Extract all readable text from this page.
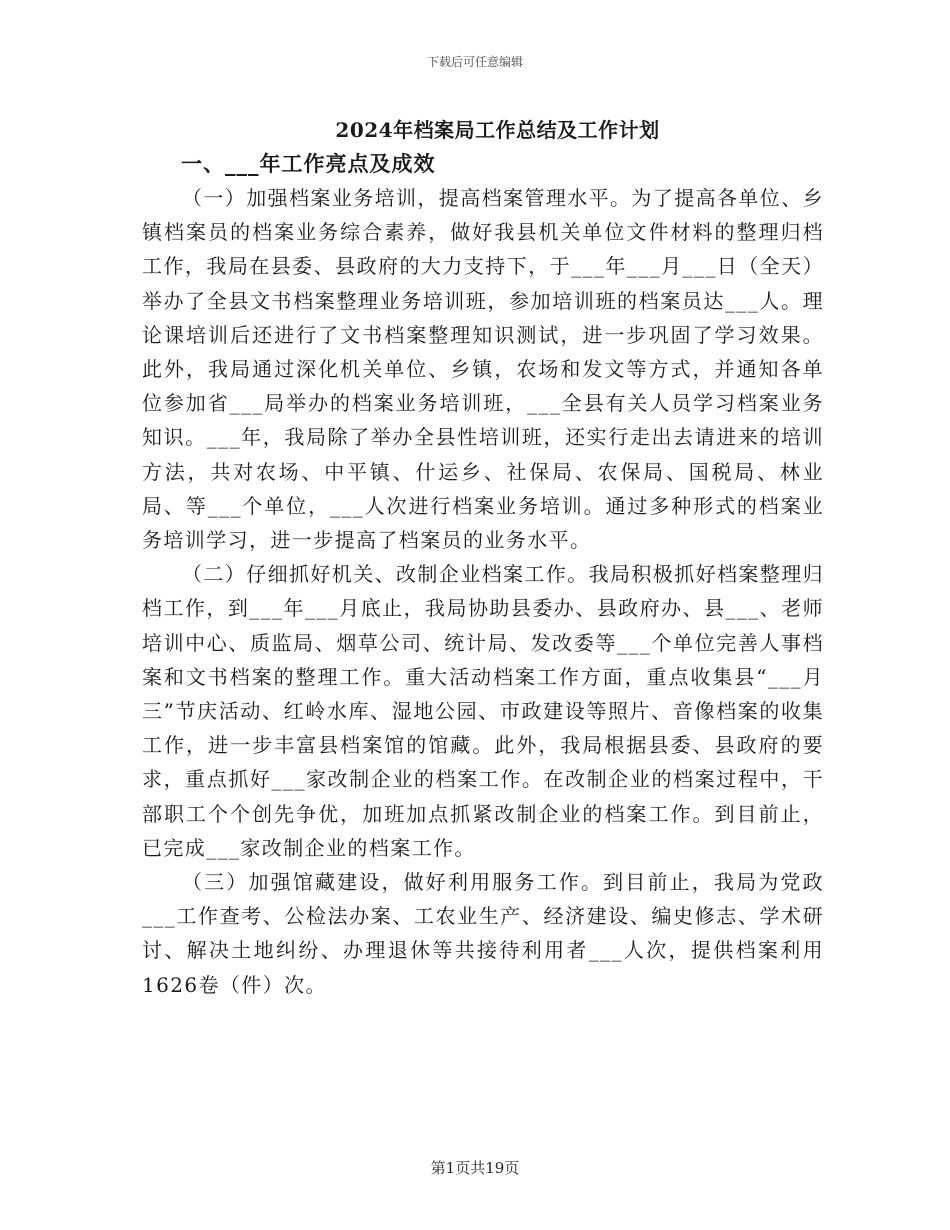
下载后可任意编辑
2024年档案局工作总结及工作计划
一、___年工作亮点及成效

（一）加强档案业务培训，提高档案管理水平。为了提高各单位、乡镇档案员的档案业务综合素养，做好我县机关单位文件材料的整理归档工作，我局在县委、县政府的大力支持下，于___年___月___日（全天）举办了全县文书档案整理业务培训班，参加培训班的档案员达___人。理论课培训后还进行了文书档案整理知识测试，进一步巩固了学习效果。此外，我局通过深化机关单位、乡镇，农场和发文等方式，并通知各单位参加省___局举办的档案业务培训班，___全县有关人员学习档案业务知识。___年，我局除了举办全县性培训班，还实行走出去请进来的培训方法，共对农场、中平镇、什运乡、社保局、农保局、国税局、林业局、等___个单位，___人次进行档案业务培训。通过多种形式的档案业务培训学习，进一步提高了档案员的业务水平。

（二）仔细抓好机关、改制企业档案工作。我局积极抓好档案整理归档工作，到___年___月底止，我局协助县委办、县政府办、县___、老师培训中心、质监局、烟草公司、统计局、发改委等___个单位完善人事档案和文书档案的整理工作。重大活动档案工作方面，重点收集县“___月三”节庆活动、红岭水库、湿地公园、市政建设等照片、音像档案的收集工作，进一步丰富县档案馆的馆藏。此外，我局根据县委、县政府的要求，重点抓好___家改制企业的档案工作。在改制企业的档案过程中，干部职工个个创先争优，加班加点抓紧改制企业的档案工作。到目前止，已完成___家改制企业的档案工作。

（三）加强馆藏建设，做好利用服务工作。到目前止，我局为党政___工作查考、公检法办案、工农业生产、经济建设、编史修志、学术研讨、解决土地纠纷、办理退休等共接待利用者___人次，提供档案利用1626卷（件）次。

第1页共19页
